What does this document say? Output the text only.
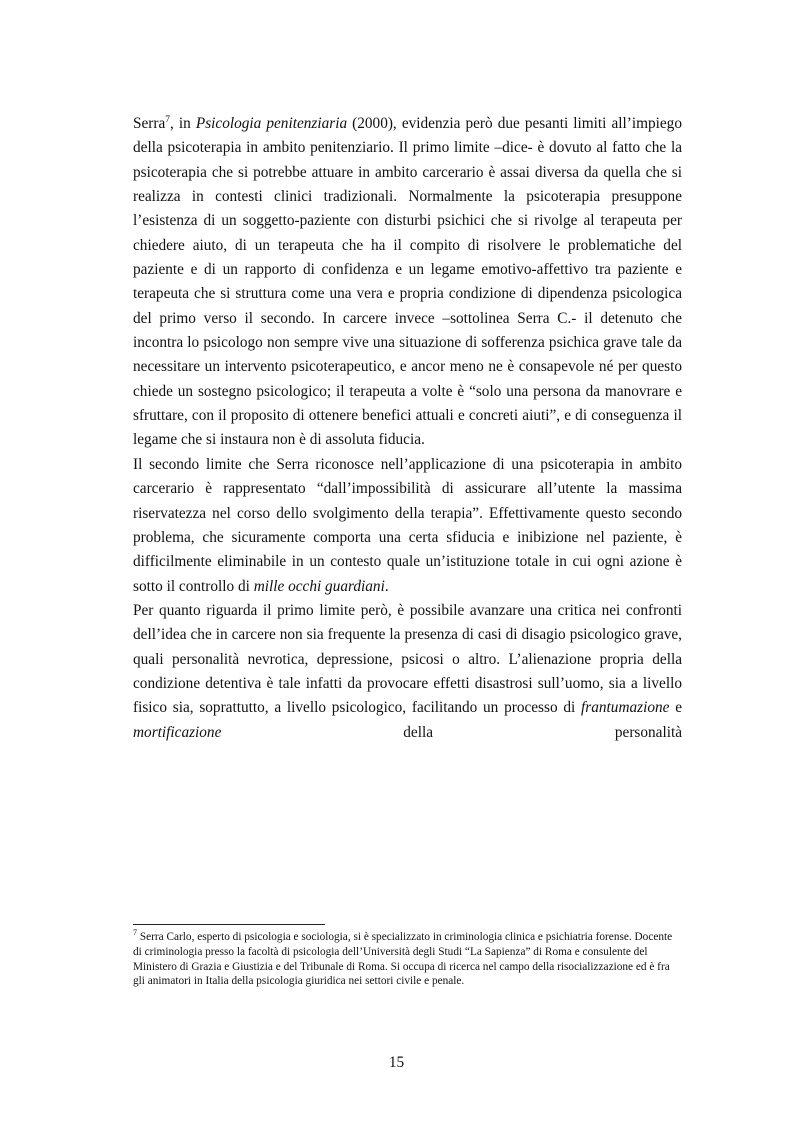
Serra$^7$, in Psicologia penitenziaria (2000), evidenzia però due pesanti limiti all’impiego della psicoterapia in ambito penitenziario. Il primo limite –dice- è dovuto al fatto che la psicoterapia che si potrebbe attuare in ambito carcerario è assai diversa da quella che si realizza in contesti clinici tradizionali. Normalmente la psicoterapia presuppone l’esistenza di un soggetto-paziente con disturbi psichici che si rivolge al terapeuta per chiedere aiuto, di un terapeuta che ha il compito di risolvere le problematiche del paziente e di un rapporto di confidenza e un legame emotivo-affettivo tra paziente e terapeuta che si struttura come una vera e propria condizione di dipendenza psicologica del primo verso il secondo. In carcere invece –sottolinea Serra C.- il detenuto che incontra lo psicologo non sempre vive una situazione di sofferenza psichica grave tale da necessitare un intervento psicoterapeutico, e ancor meno ne è consapevole né per questo chiede un sostegno psicologico; il terapeuta a volte è “solo una persona da manovrare e sfruttare, con il proposito di ottenere benefici attuali e concreti aiuti”, e di conseguenza il legame che si instaura non è di assoluta fiducia.

Il secondo limite che Serra riconosce nell’applicazione di una psicoterapia in ambito carcerario è rappresentato “dall’impossibilità di assicurare all’utente la massima riservatezza nel corso dello svolgimento della terapia”. Effettivamente questo secondo problema, che sicuramente comporta una certa sfiducia e inibizione nel paziente, è difficilmente eliminabile in un contesto quale un’istituzione totale in cui ogni azione è sotto il controllo di mille occhi guardiani.

Per quanto riguarda il primo limite però, è possibile avanzare una critica nei confronti dell’idea che in carcere non sia frequente la presenza di casi di disagio psicologico grave, quali personalità nevrotica, depressione, psicosi o altro. L’alienazione propria della condizione detentiva è tale infatti da provocare effetti disastrosi sull’uomo, sia a livello fisico sia, soprattutto, a livello psicologico, facilitando un processo di frantumazione e mortificazione della personalità

$^7$ Serra Carlo, esperto di psicologia e sociologia, si è specializzato in criminologia clinica e psichiatria forense. Docente di criminologia presso la facoltà di psicologia dell’Università degli Studi “La Sapienza” di Roma e consulente del Ministero di Grazia e Giustizia e del Tribunale di Roma. Si occupa di ricerca nel campo della risocializzazione ed è fra gli animatori in Italia della psicologia giuridica nei settori civile e penale.
15
